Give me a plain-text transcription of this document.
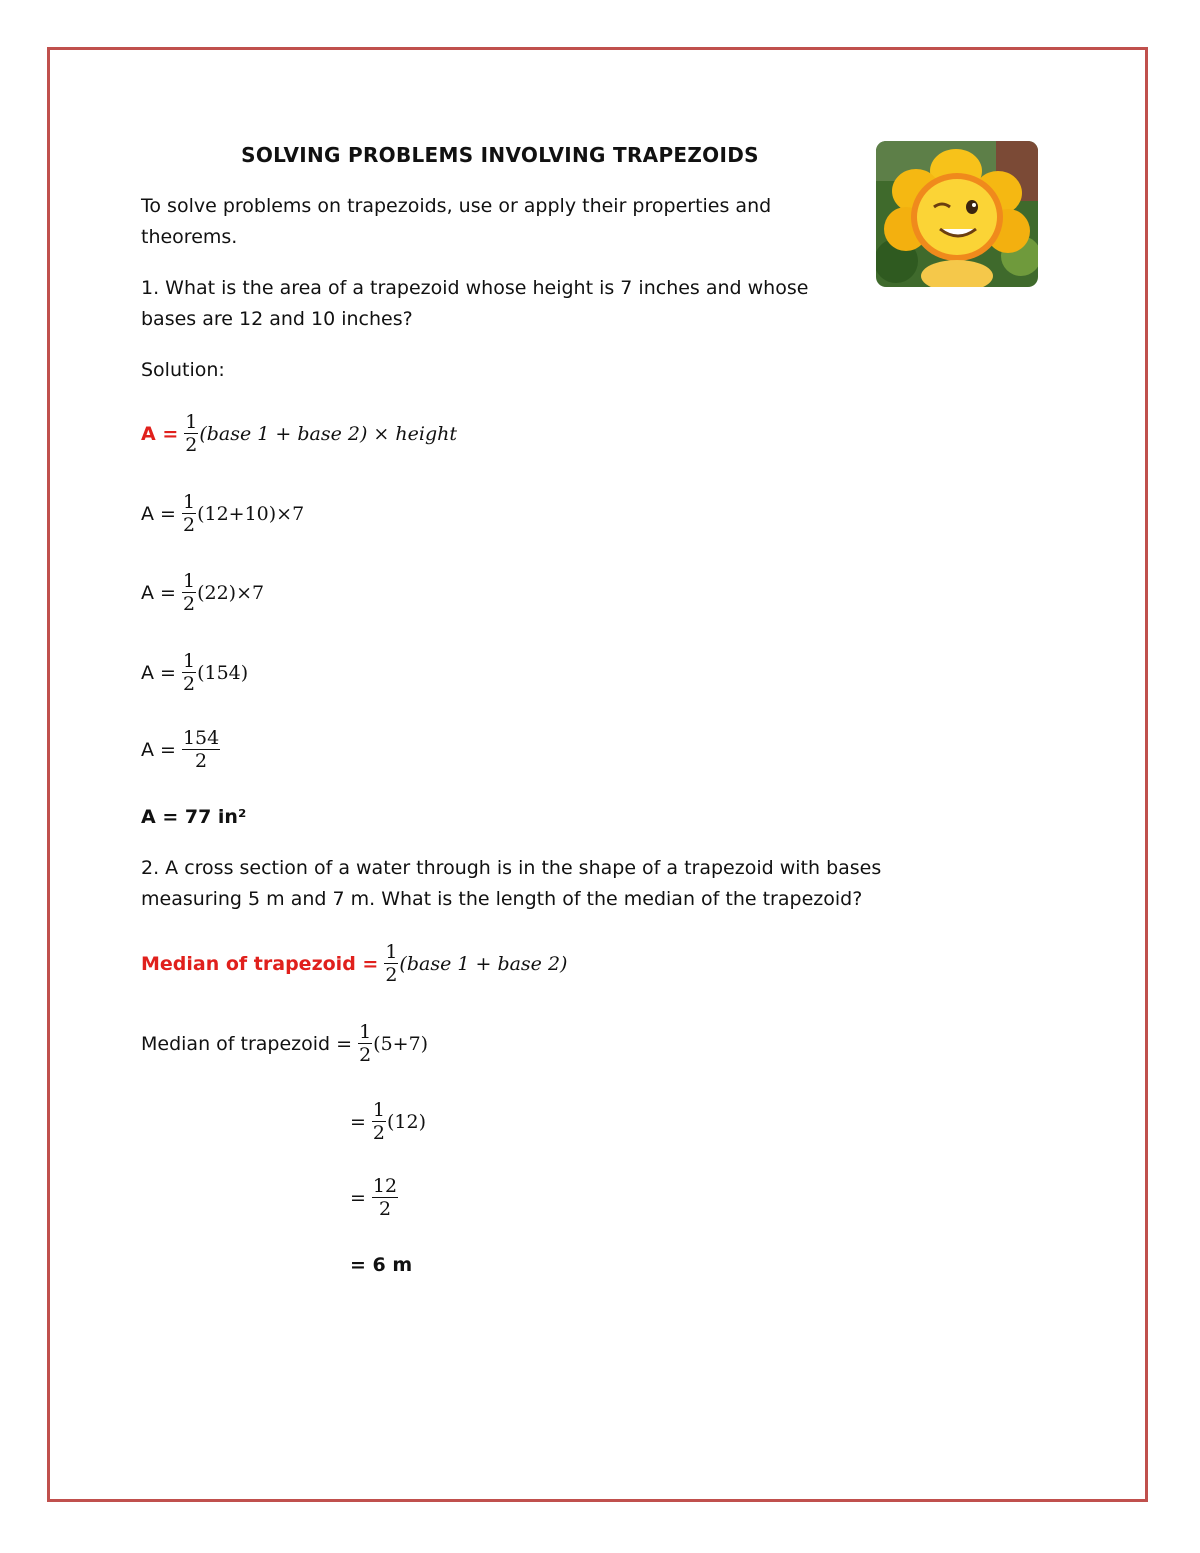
SOLVING PROBLEMS INVOLVING TRAPEZOIDS
To solve problems on trapezoids, use or apply their properties and theorems.
1. What is the area of a trapezoid whose height is 7 inches and whose bases are 12 and 10 inches?
Solution:
$A = \frac{1}{2}$ (base 1 + base 2) × height
$A = \frac{1}{2} (12+10)\times 7$
$A = \frac{1}{2} (22)\times 7$
$A = \frac{1}{2} (154)$
$A = \frac{154}{2}$
A = 77 in²
2. A cross section of a water through is in the shape of a trapezoid with bases measuring 5 m and 7 m. What is the length of the median of the trapezoid?
Median of trapezoid = $\frac{1}{2}$ (base 1 + base 2)
Median of trapezoid = $\frac{1}{2} (5+7)$
= $\frac{1}{2} (12)$
= $\frac{12}{2}$
= 6 m
